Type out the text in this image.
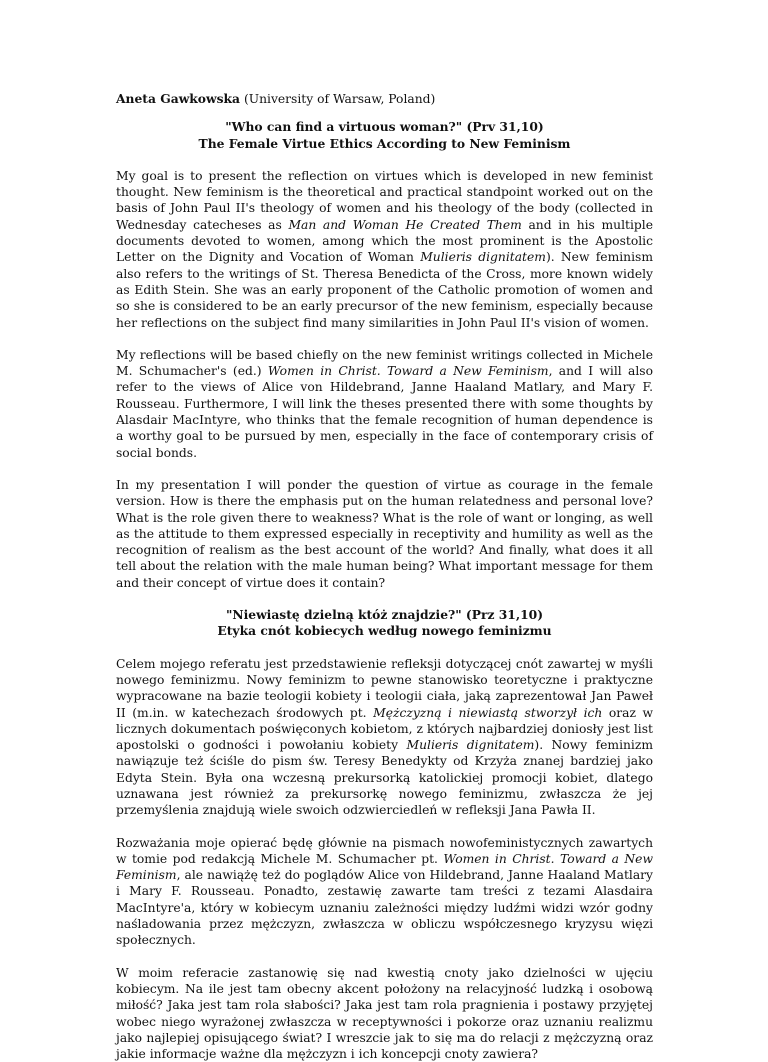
Aneta Gawkowska (University of Warsaw, Poland)
"Who can find a virtuous woman?" (Prv 31,10)
The Female Virtue Ethics According to New Feminism

My goal is to present the reflection on virtues which is developed in new feminist thought. New feminism is the theoretical and practical standpoint worked out on the basis of John Paul II's theology of women and his theology of the body (collected in Wednesday catecheses as Man and Woman He Created Them and in his multiple documents devoted to women, among which the most prominent is the Apostolic Letter on the Dignity and Vocation of Woman Mulieris dignitatem). New feminism also refers to the writings of St. Theresa Benedicta of the Cross, more known widely as Edith Stein. She was an early proponent of the Catholic promotion of women and so she is considered to be an early precursor of the new feminism, especially because her reflections on the subject find many similarities in John Paul II's vision of women.

My reflections will be based chiefly on the new feminist writings collected in Michele M. Schumacher's (ed.) Women in Christ. Toward a New Feminism, and I will also refer to the views of Alice von Hildebrand, Janne Haaland Matlary, and Mary F. Rousseau. Furthermore, I will link the theses presented there with some thoughts by Alasdair MacIntyre, who thinks that the female recognition of human dependence is a worthy goal to be pursued by men, especially in the face of contemporary crisis of social bonds.

In my presentation I will ponder the question of virtue as courage in the female version. How is there the emphasis put on the human relatedness and personal love? What is the role given there to weakness? What is the role of want or longing, as well as the attitude to them expressed especially in receptivity and humility as well as the recognition of realism as the best account of the world? And finally, what does it all tell about the relation with the male human being? What important message for them and their concept of virtue does it contain?

"Niewiastę dzielną któż znajdzie?" (Prz 31,10)
Etyka cnót kobiecych według nowego feminizmu

Celem mojego referatu jest przedstawienie refleksji dotyczącej cnót zawartej w myśli nowego feminizmu. Nowy feminizm to pewne stanowisko teoretyczne i praktyczne wypracowane na bazie teologii kobiety i teologii ciała, jaką zaprezentował Jan Paweł II (m.in. w katechezach środowych pt. Mężczyzną i niewiastą stworzył ich oraz w licznych dokumentach poświęconych kobietom, z których najbardziej doniosły jest list apostolski o godności i powołaniu kobiety Mulieris dignitatem). Nowy feminizm nawiązuje też ściśle do pism św. Teresy Benedykty od Krzyża znanej bardziej jako Edyta Stein. Była ona wczesną prekursorką katolickiej promocji kobiet, dlatego uznawana jest również za prekursorkę nowego feminizmu, zwłaszcza że jej przemyślenia znajdują wiele swoich odzwierciedleń w refleksji Jana Pawła II.

Rozważania moje opierać będę głównie na pismach nowofeministycznych zawartych w tomie pod redakcją Michele M. Schumacher pt. Women in Christ. Toward a New Feminism, ale nawiążę też do poglądów Alice von Hildebrand, Janne Haaland Matlary i Mary F. Rousseau. Ponadto, zestawię zawarte tam treści z tezami Alasdaira MacIntyre'a, który w kobiecym uznaniu zależności między ludźmi widzi wzór godny naśladowania przez mężczyzn, zwłaszcza w obliczu współczesnego kryzysu więzi społecznych.

W moim referacie zastanowię się nad kwestią cnoty jako dzielności w ujęciu kobiecym. Na ile jest tam obecny akcent położony na relacyjność ludzką i osobową miłość? Jaka jest tam rola słabości? Jaka jest tam rola pragnienia i postawy przyjętej wobec niego wyrażonej zwłaszcza w receptywności i pokorze oraz uznaniu realizmu jako najlepiej opisującego świat? I wreszcie jak to się ma do relacji z mężczyzną oraz jakie informacje ważne dla mężczyzn i ich koncepcji cnoty zawiera?
